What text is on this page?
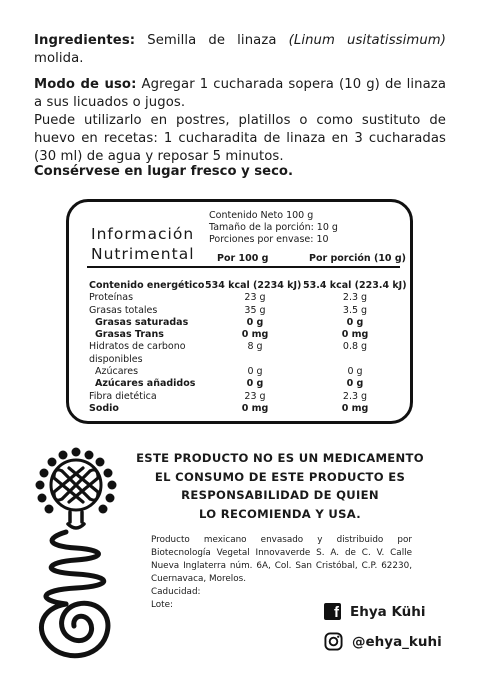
Ingredientes: Semilla de linaza (Linum usitatissimum) molida.

Modo de uso: Agregar 1 cucharada sopera (10 g) de linaza a sus licuados o jugos.

Puede utilizarlo en postres, platillos o como sustituto de huevo en recetas: 1 cucharadita de linaza en 3 cucharadas (30 ml) de agua y reposar 5 minutos.

Consérvese en lugar fresco y seco.
Información
Nutrimental
Contenido Neto 100 g
Tamaño de la porción: 10 g
Porciones por envase: 10
Por 100 g	Por porción (10 g)
Contenido energético 534 kcal (2234 kJ) 53.4 kcal (223.4 kJ)
Proteínas	23 g	2.3 g
Grasas totales	35 g	3.5 g
Grasas saturadas	0 g	0 g
Grasas Trans	0 mg	0 mg
Hidratos de carbono disponibles
8 g	0.8 g
Azúcares	0 g	0 g
Azúcares añadidos	0 g	0 g
Fibra dietética	23 g	2.3 g
Sodio	0 mg	0 mg
ESTE PRODUCTO NO ES UN MEDICAMENTO
EL CONSUMO DE ESTE PRODUCTO ES
RESPONSABILIDAD DE QUIEN
LO RECOMIENDA Y USA.

Producto mexicano envasado y distribuido por Biotecnología Vegetal Innovaverde S. A. de C. V. Calle Nueva Inglaterra núm. 6A, Col. San Cristóbal, C.P. 62230, Cuernavaca, Morelos.

Caducidad:
Lote:	f Ehya Kühi
@ehya_kuhi
